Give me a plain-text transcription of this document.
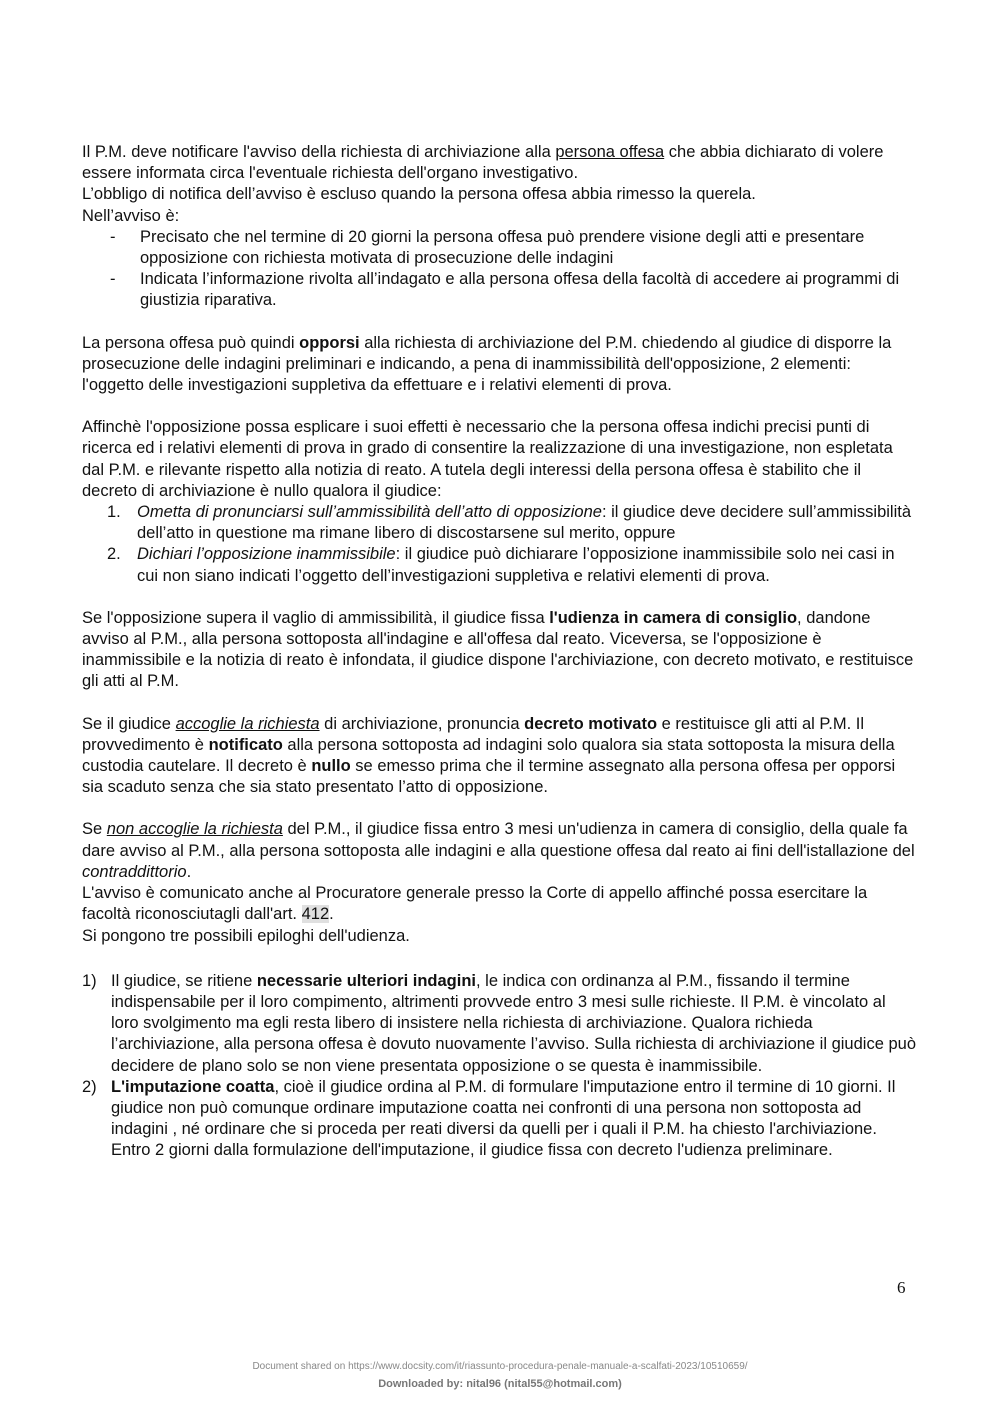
Il P.M. deve notificare l'avviso della richiesta di archiviazione alla persona offesa che abbia dichiarato di volere essere informata circa l'eventuale richiesta dell'organo investigativo.

L’obbligo di notifica dell’avviso è escluso quando la persona offesa abbia rimesso la querela.

Nell’avviso è:

- Precisato che nel termine di 20 giorni la persona offesa può prendere visione degli atti e presentare opposizione con richiesta motivata di prosecuzione delle indagini
- Indicata l’informazione rivolta all’indagato e alla persona offesa della facoltà di accedere ai programmi di giustizia riparativa.

La persona offesa può quindi opporsi alla richiesta di archiviazione del P.M. chiedendo al giudice di disporre la prosecuzione delle indagini preliminari e indicando, a pena di inammissibilità dell'opposizione, 2 elementi: l'oggetto delle investigazioni suppletiva da effettuare e i relativi elementi di prova.

Affinchè l'opposizione possa esplicare i suoi effetti è necessario che la persona offesa indichi precisi punti di ricerca ed i relativi elementi di prova in grado di consentire la realizzazione di una investigazione, non espletata dal P.M. e rilevante rispetto alla notizia di reato. A tutela degli interessi della persona offesa è stabilito che il decreto di archiviazione è nullo qualora il giudice:

1. Ometta di pronunciarsi sull’ammissibilità dell’atto di opposizione: il giudice deve decidere sull’ammissibilità dell’atto in questione ma rimane libero di discostarsene sul merito, oppure
2. Dichiari l’opposizione inammissibile: il giudice può dichiarare l’opposizione inammissibile solo nei casi in cui non siano indicati l’oggetto dell’investigazioni suppletiva e relativi elementi di prova.

Se l'opposizione supera il vaglio di ammissibilità, il giudice fissa l'udienza in camera di consiglio, dandone avviso al P.M., alla persona sottoposta all'indagine e all'offesa dal reato. Viceversa, se l'opposizione è inammissibile e la notizia di reato è infondata, il giudice dispone l'archiviazione, con decreto motivato, e restituisce gli atti al P.M.

Se il giudice accoglie la richiesta di archiviazione, pronuncia decreto motivato e restituisce gli atti al P.M. Il provvedimento è notificato alla persona sottoposta ad indagini solo qualora sia stata sottoposta la misura della custodia cautelare. Il decreto è nullo se emesso prima che il termine assegnato alla persona offesa per opporsi sia scaduto senza che sia stato presentato l’atto di opposizione.

Se non accoglie la richiesta del P.M., il giudice fissa entro 3 mesi un'udienza in camera di consiglio, della quale fa dare avviso al P.M., alla persona sottoposta alle indagini e alla questione offesa dal reato ai fini dell'istallazione del contraddittorio.

L'avviso è comunicato anche al Procuratore generale presso la Corte di appello affinché possa esercitare la facoltà riconosciutagli dall'art. 412.

Si pongono tre possibili epiloghi dell'udienza.

1) Il giudice, se ritiene necessarie ulteriori indagini, le indica con ordinanza al P.M., fissando il termine indispensabile per il loro compimento, altrimenti provvede entro 3 mesi sulle richieste. Il P.M. è vincolato al loro svolgimento ma egli resta libero di insistere nella richiesta di archiviazione. Qualora richieda l’archiviazione, alla persona offesa è dovuto nuovamente l’avviso. Sulla richiesta di archiviazione il giudice può decidere de plano solo se non viene presentata opposizione o se questa è inammissibile.
2) L'imputazione coatta, cioè il giudice ordina al P.M. di formulare l'imputazione entro il termine di 10 giorni. Il giudice non può comunque ordinare imputazione coatta nei confronti di una persona non sottoposta ad indagini , né ordinare che si proceda per reati diversi da quelli per i quali il P.M. ha chiesto l'archiviazione.
Entro 2 giorni dalla formulazione dell'imputazione, il giudice fissa con decreto l'udienza preliminare.
6
Document shared on https://www.docsity.com/it/riassunto-procedura-penale-manuale-a-scalfati-2023/10510659/
Downloaded by: nital96 (nital55@hotmail.com)
